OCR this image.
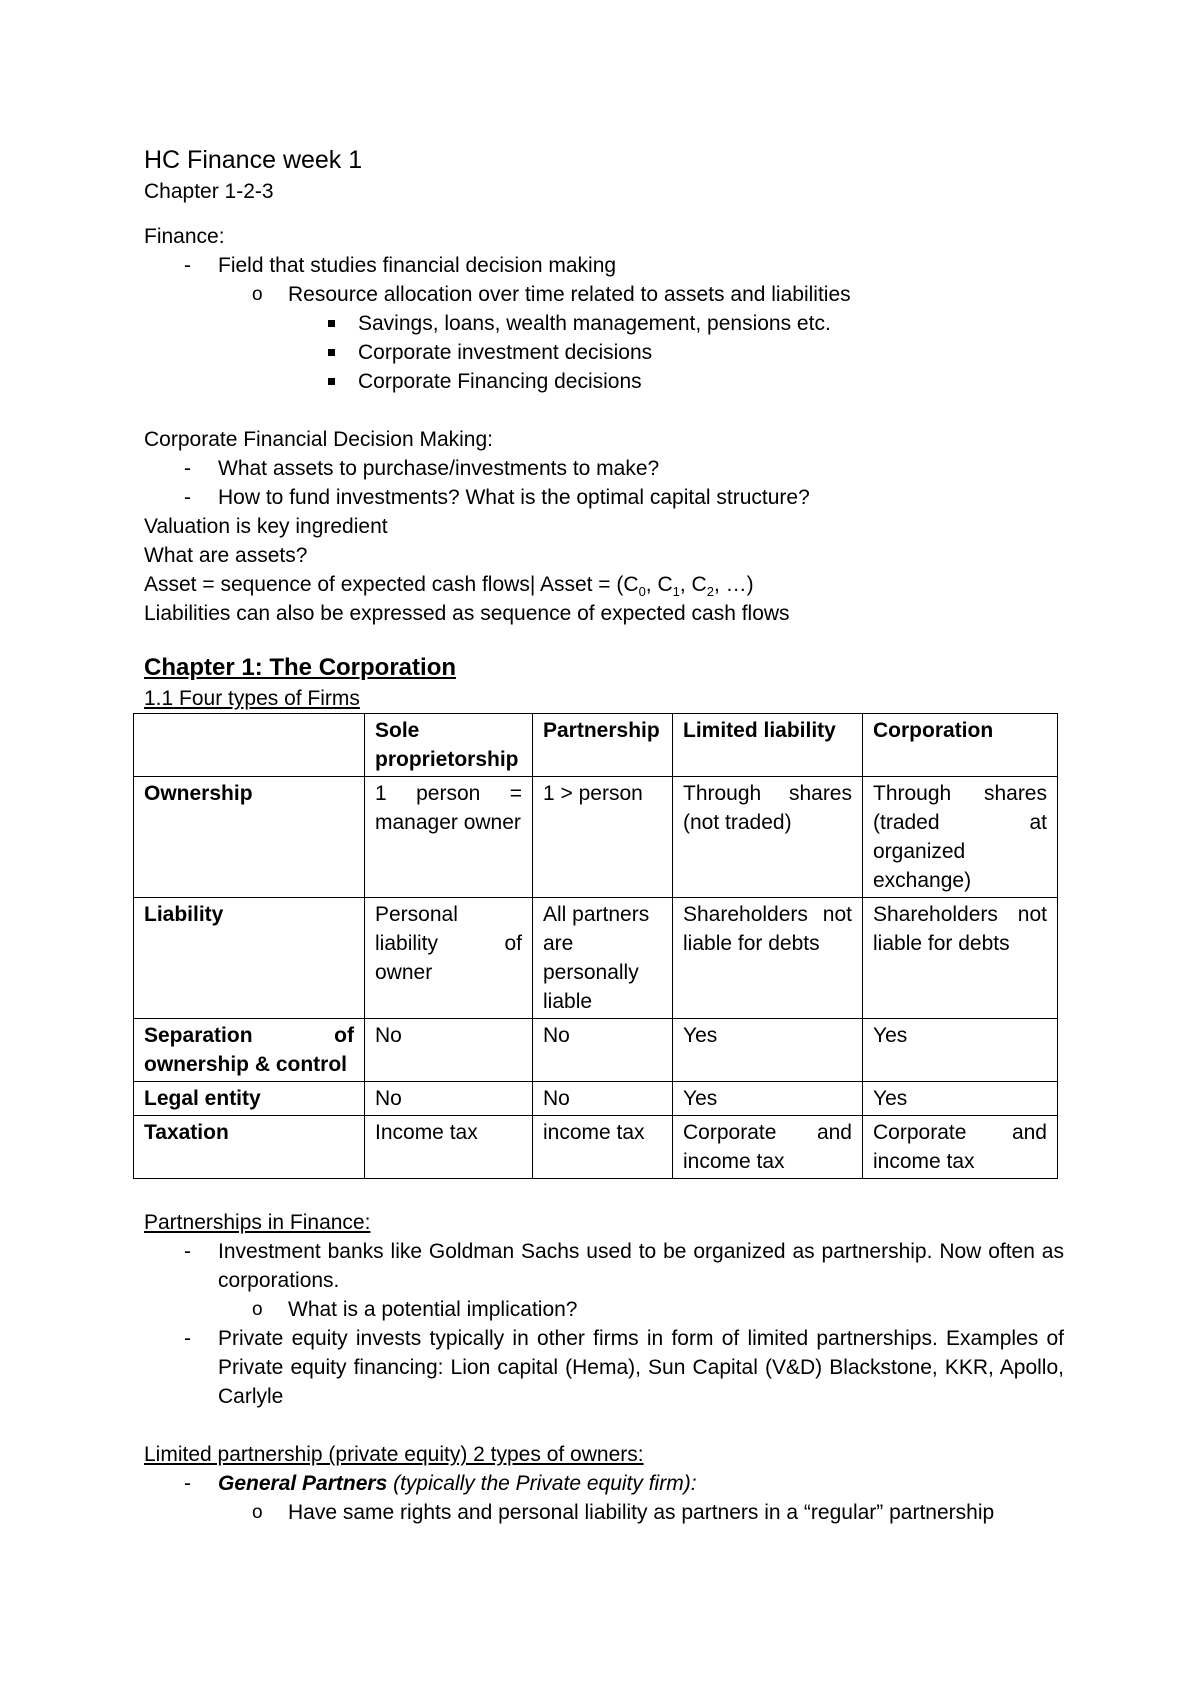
HC Finance week 1

Chapter 1-2-3

Finance:

- Field that studies financial decision making
o Resource allocation over time related to assets and liabilities
Savings, loans, wealth management, pensions etc.
Corporate investment decisions
Corporate Financing decisions

Corporate Financial Decision Making:

- What assets to purchase/investments to make?
- How to fund investments? What is the optimal capital structure?

Valuation is key ingredient

What are assets?

Asset = sequence of expected cash flows| Asset = ($C_0$, $C_1$, $C_2$, …)

Liabilities can also be expressed as sequence of expected cash flows

Chapter 1: The Corporation

1.1 Four types of Firms

	Sole proprietorship	Partnership	Limited liability	Corporation
Ownership	1 person = manager owner	1 > person	Through shares (not traded)	Through shares (traded at organized exchange)
Liability	Personal liability of owner	All partners are personally liable	Shareholders not liable for debts	Shareholders not liable for debts
Separation of ownership & control	No	No	Yes	Yes
Legal entity	No	No	Yes	Yes
Taxation	Income tax	income tax	Corporate and income tax	Corporate and income tax

Partnerships in Finance:

- Investment banks like Goldman Sachs used to be organized as partnership. Now often as corporations.
o What is a potential implication?
- Private equity invests typically in other firms in form of limited partnerships. Examples of Private equity financing: Lion capital (Hema), Sun Capital (V&D) Blackstone, KKR, Apollo, Carlyle

Limited partnership (private equity) 2 types of owners:

- General Partners (typically the Private equity firm):
o Have same rights and personal liability as partners in a “regular” partnership
